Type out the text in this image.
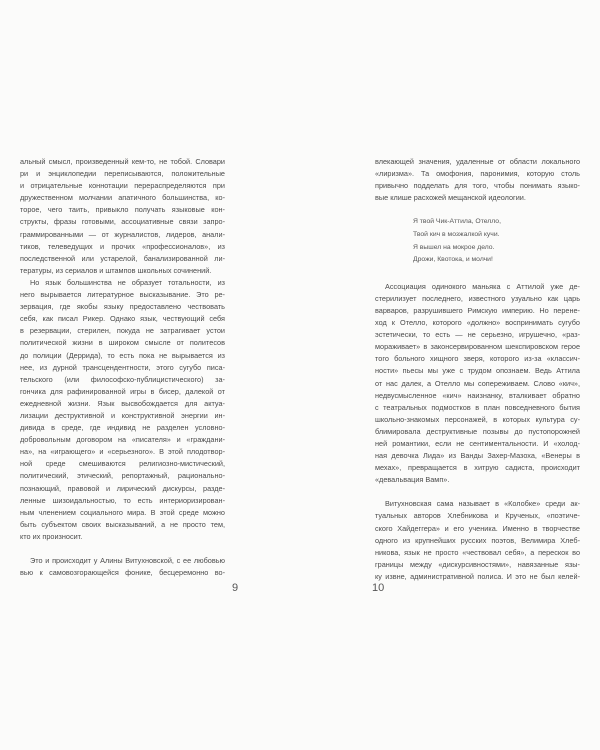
альный смысл, произведенный кем-то, не тобой. Словари
ри и энциклопедии переписываются, положительные
и отрицательные коннотации перераспределяются при
дружественном молчании апатичного большинства, ко-
торое, чего таить, привыкло получать языковые кон-
структы, фразы готовыми, ассоциативные связи запро-
граммированными — от журналистов, лидеров, анали-
тиков, телеведущих и прочих «профессионалов», из
последственной или устарелой, банализированной ли-
тературы, из сериалов и штампов школьных сочинений.
Но язык большинства не образует тотальности, из
него вырывается литературное высказывание. Это ре-
зервация, где якобы языку предоставлено чествовать
себя, как писал Рикер. Однако язык, чествующий себя
в резервации, стерилен, покуда не затрагивает устои
политической жизни в широком смысле от политесов
до полиции (Деррида), то есть пока не вырывается из
нее, из дурной трансцендентности, этого сугубо писа-
тельского (или философско-публицистического) за-
гончика для рафинированной игры в бисер, далекой от
ежедневной жизни. Язык высвобождается для актуа-
лизации деструктивной и конструктивной энергии ин-
дивида в среде, где индивид не разделен условно-
добровольным договором на «писателя» и «граждани-
на», на «играющего» и «серьезного». В этой плодотвор-
ной среде смешиваются религиозно-мистический,
политический, этический, репортажный, рационально-
познающий, правовой и лирический дискурсы, разде-
ленные шизоидальностью, то есть интериоризирован-
ным членением социального мира. В этой среде можно
быть субъектом своих высказываний, а не просто тем,
кто их произносит.
Это и происходит у Алины Витухновской, с ее любовью
вью к самовозгорающейся фонике, бесцеремонно во-
влекающей значения, удаленные от области локального
«лиризма». Та омофония, паронимия, которую столь
привычно подделать для того, чтобы понимать языко-
вые клише расхожей мещанской идеологии.
Я твой Чик-Аттила, Отелло,
Твой кич в мозжалкой кучи.
Я вышел на мокрое дело.
Дрожи, Квотока, и молчи!
Ассоциация одинокого маньяка с Аттилой уже де-
стерилизует последнего, известного узуально как царь
варваров, разрушившего Римскую империю. Но перене-
ход к Отелло, которого «должно» воспринимать сугубо
эстетически, то есть — не серьезно, игрушечно, «раз-
мораживает» в законсервированном шекспировском герое
того больного хищного зверя, которого из-за «классич-
ности» пьесы мы уже с трудом опознаем. Ведь Аттила
от нас далек, а Отелло мы сопереживаем. Слово «кич»,
недвусмысленное «кич» наизнанку, вталкивает обратно
с театральных подмостков в план повседневного бытия
школьно-знакомых персонажей, в которых культура су-
блимировала деструктивные позывы до пустопорожней
ней романтики, если не сентиментальности. И «холод-
ная девочка Лида» из Ванды Захер-Мазоха, «Венеры в
мехах», превращается в хитрую садиста, происходит
«девальвация Вамп».
Витухновская сама называет в «Колобке» среди ак-
туальных авторов Хлебникова и Крученых, «поэтиче-
ского Хайдеггера» и его ученика. Именно в творчестве
одного из крупнейших русских поэтов, Велимира Хлеб-
никова, язык не просто «чествовал себя», а перескок во
границы между «дискурсивностями», навязанные язы-
ку извне, административной полиса. И это не был келей-
9	10
